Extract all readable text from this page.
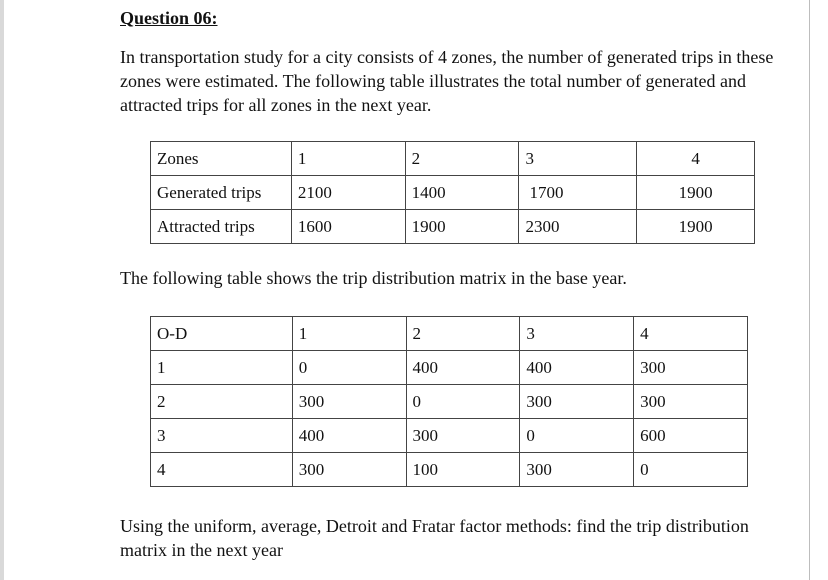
Question 06:
In transportation study for a city consists of 4 zones, the number of generated trips in these zones were estimated. The following table illustrates the total number of generated and attracted trips for all zones in the next year.
Zones	1	2	3	4
Generated trips	2100	1400	1700	1900
Attracted trips	1600	1900	2300	1900
The following table shows the trip distribution matrix in the base year.
O-D	1	2	3	4
1	0	400	400	300
2	300	0	300	300
3	400	300	0	600
4	300	100	300	0
Using the uniform, average, Detroit and Fratar factor methods: find the trip distribution matrix in the next year
